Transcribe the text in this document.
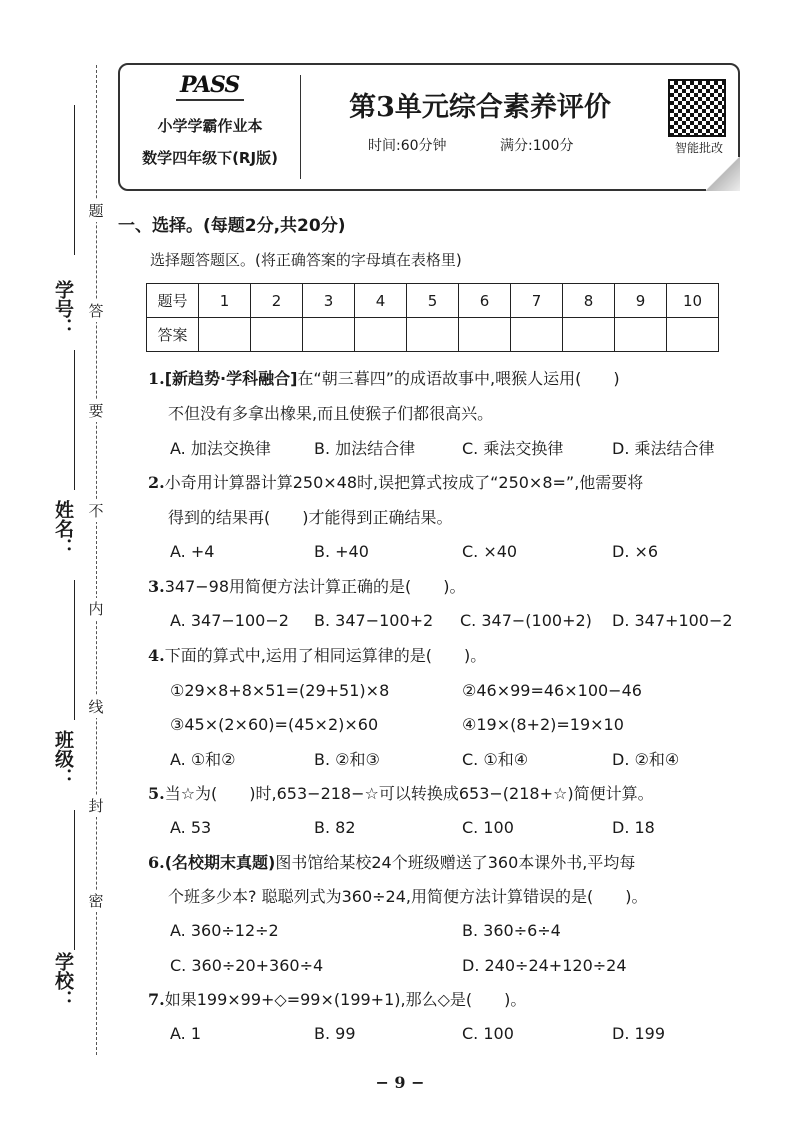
题
答
要
不
内
线
封
密
学号：
姓名：
班级：
学校：
PASS
小学学霸作业本
数学四年级下(RJ版)
第3单元综合素养评价
时间:60分钟	满分:100分	智能批改
一、选择。(每题2分,共20分)
选择题答题区。(将正确答案的字母填在表格里)
题号	1	2	3	4	5	6	7	8	9	10
答案										
1.[新趋势·学科融合]在“朝三暮四”的成语故事中,喂猴人运用(　　)
不但没有多拿出橡果,而且使猴子们都很高兴。
A. 加法交换律	B. 加法结合律	C. 乘法交换律	D. 乘法结合律
2.小奇用计算器计算250×48时,误把算式按成了“250×8=”,他需要将
得到的结果再(　　)才能得到正确结果。
A. +4	B. +40	C. ×40	D. ×6
3.347−98用简便方法计算正确的是(　　)。
A. 347−100−2 B. 347−100+2 C. 347−(100+2) D. 347+100−2
4.下面的算式中,运用了相同运算律的是(　　)。
①29×8+8×51=(29+51)×8	②46×99=46×100−46
③45×(2×60)=(45×2)×60	④19×(8+2)=19×10
A. ①和②	B. ②和③	C. ①和④	D. ②和④
5.当☆为(　　)时,653−218−☆可以转换成653−(218+☆)简便计算。
A. 53	B. 82	C. 100	D. 18
6.(名校期末真题)图书馆给某校24个班级赠送了360本课外书,平均每
个班多少本? 聪聪列式为360÷24,用简便方法计算错误的是(　　)。
A. 360÷12÷2	B. 360÷6÷4
C. 360÷20+360÷4	D. 240÷24+120÷24
7.如果199×99+◇=99×(199+1),那么◇是(　　)。
A. 1	B. 99	C. 100	D. 199
− 9 −
